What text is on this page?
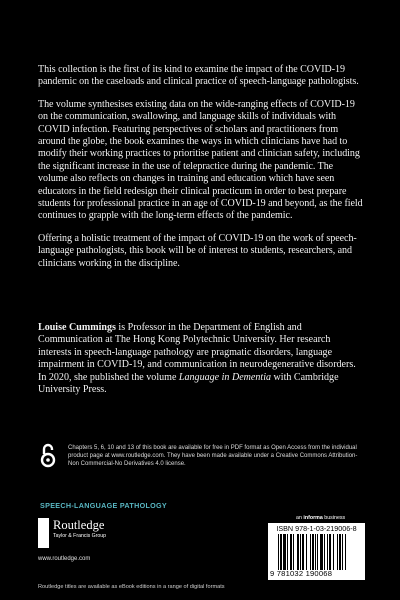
This collection is the first of its kind to examine the impact of the COVID-19 pandemic on the caseloads and clinical practice of speech-language pathologists.

The volume synthesises existing data on the wide-ranging effects of COVID-19 on the communication, swallowing, and language skills of individuals with COVID infection. Featuring perspectives of scholars and practitioners from around the globe, the book examines the ways in which clinicians have had to modify their working practices to prioritise patient and clinician safety, including the significant increase in the use of telepractice during the pandemic. The volume also reflects on changes in training and education which have seen educators in the field redesign their clinical practicum in order to best prepare students for professional practice in an age of COVID-19 and beyond, as the field continues to grapple with the long-term effects of the pandemic.

Offering a holistic treatment of the impact of COVID-19 on the work of speech-language pathologists, this book will be of interest to students, researchers, and clinicians working in the discipline.

Louise Cummings is Professor in the Department of English and Communication at The Hong Kong Polytechnic University. Her research interests in speech-language pathology are pragmatic disorders, language impairment in COVID-19, and communication in neurodegenerative disorders. In 2020, she published the volume Language in Dementia with Cambridge University Press.
Chapters 5, 6, 10 and 13 of this book are available for free in PDF format as Open Access from the individual product page at www.routledge.com. They have been made available under a Creative Commons Attribution-Non Commercial-No Derivatives 4.0 license.
SPEECH-LANGUAGE PATHOLOGY
Routledge
Taylor & Francis Group
www.routledge.com
an informa business
ISBN 978-1-03-219006-8
9 781032 190068
Routledge titles are available as eBook editions in a range of digital formats
